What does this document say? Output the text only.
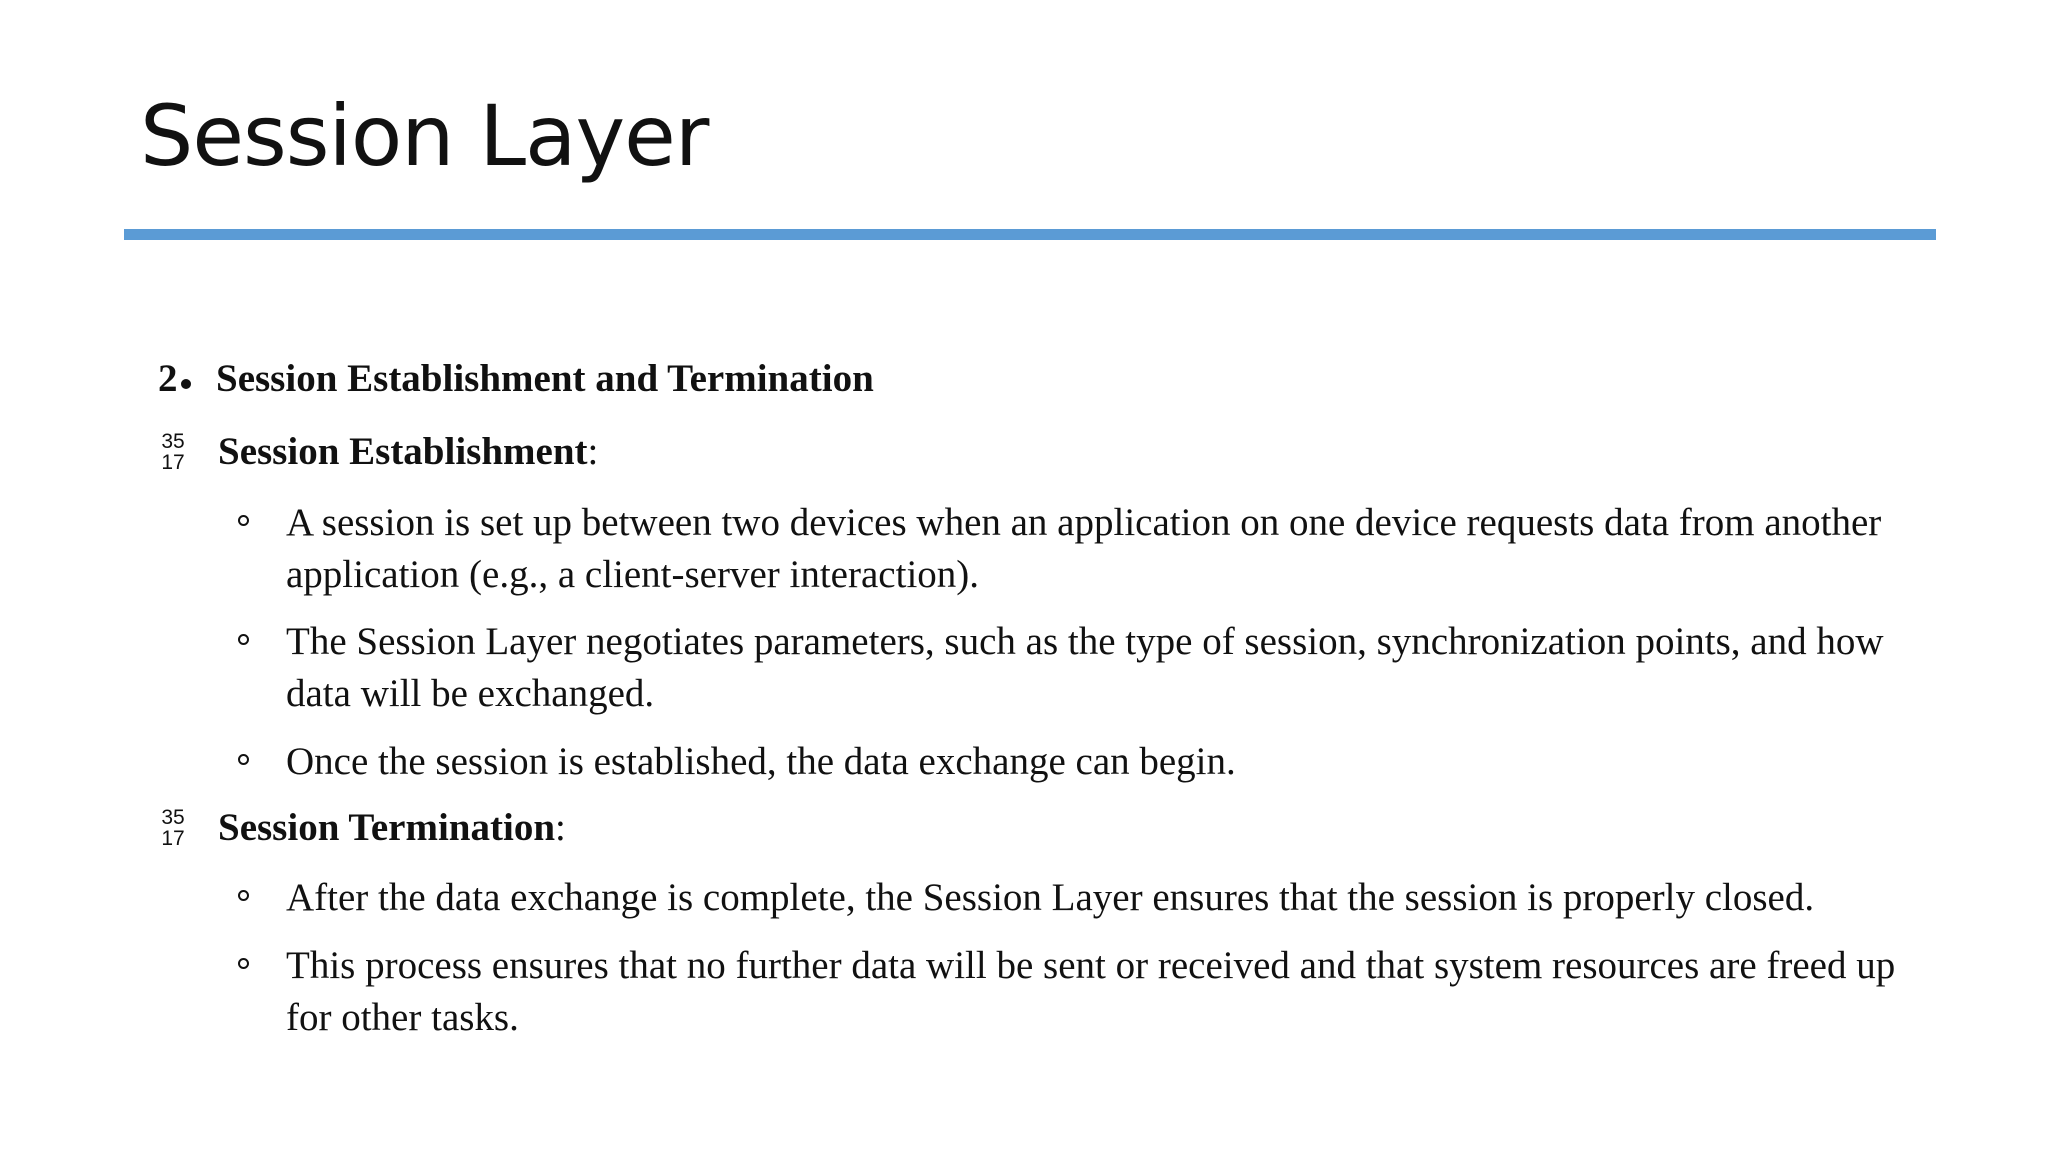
Session Layer
2 Session Establishment and Termination
35
17 Session Establishment:
A session is set up between two devices when an application on one device requests data from another application (e.g., a client-server interaction).
The Session Layer negotiates parameters, such as the type of session, synchronization points, and how data will be exchanged.
Once the session is established, the data exchange can begin.
35
17 Session Termination:
After the data exchange is complete, the Session Layer ensures that the session is properly closed.
This process ensures that no further data will be sent or received and that system resources are freed up for other tasks.
